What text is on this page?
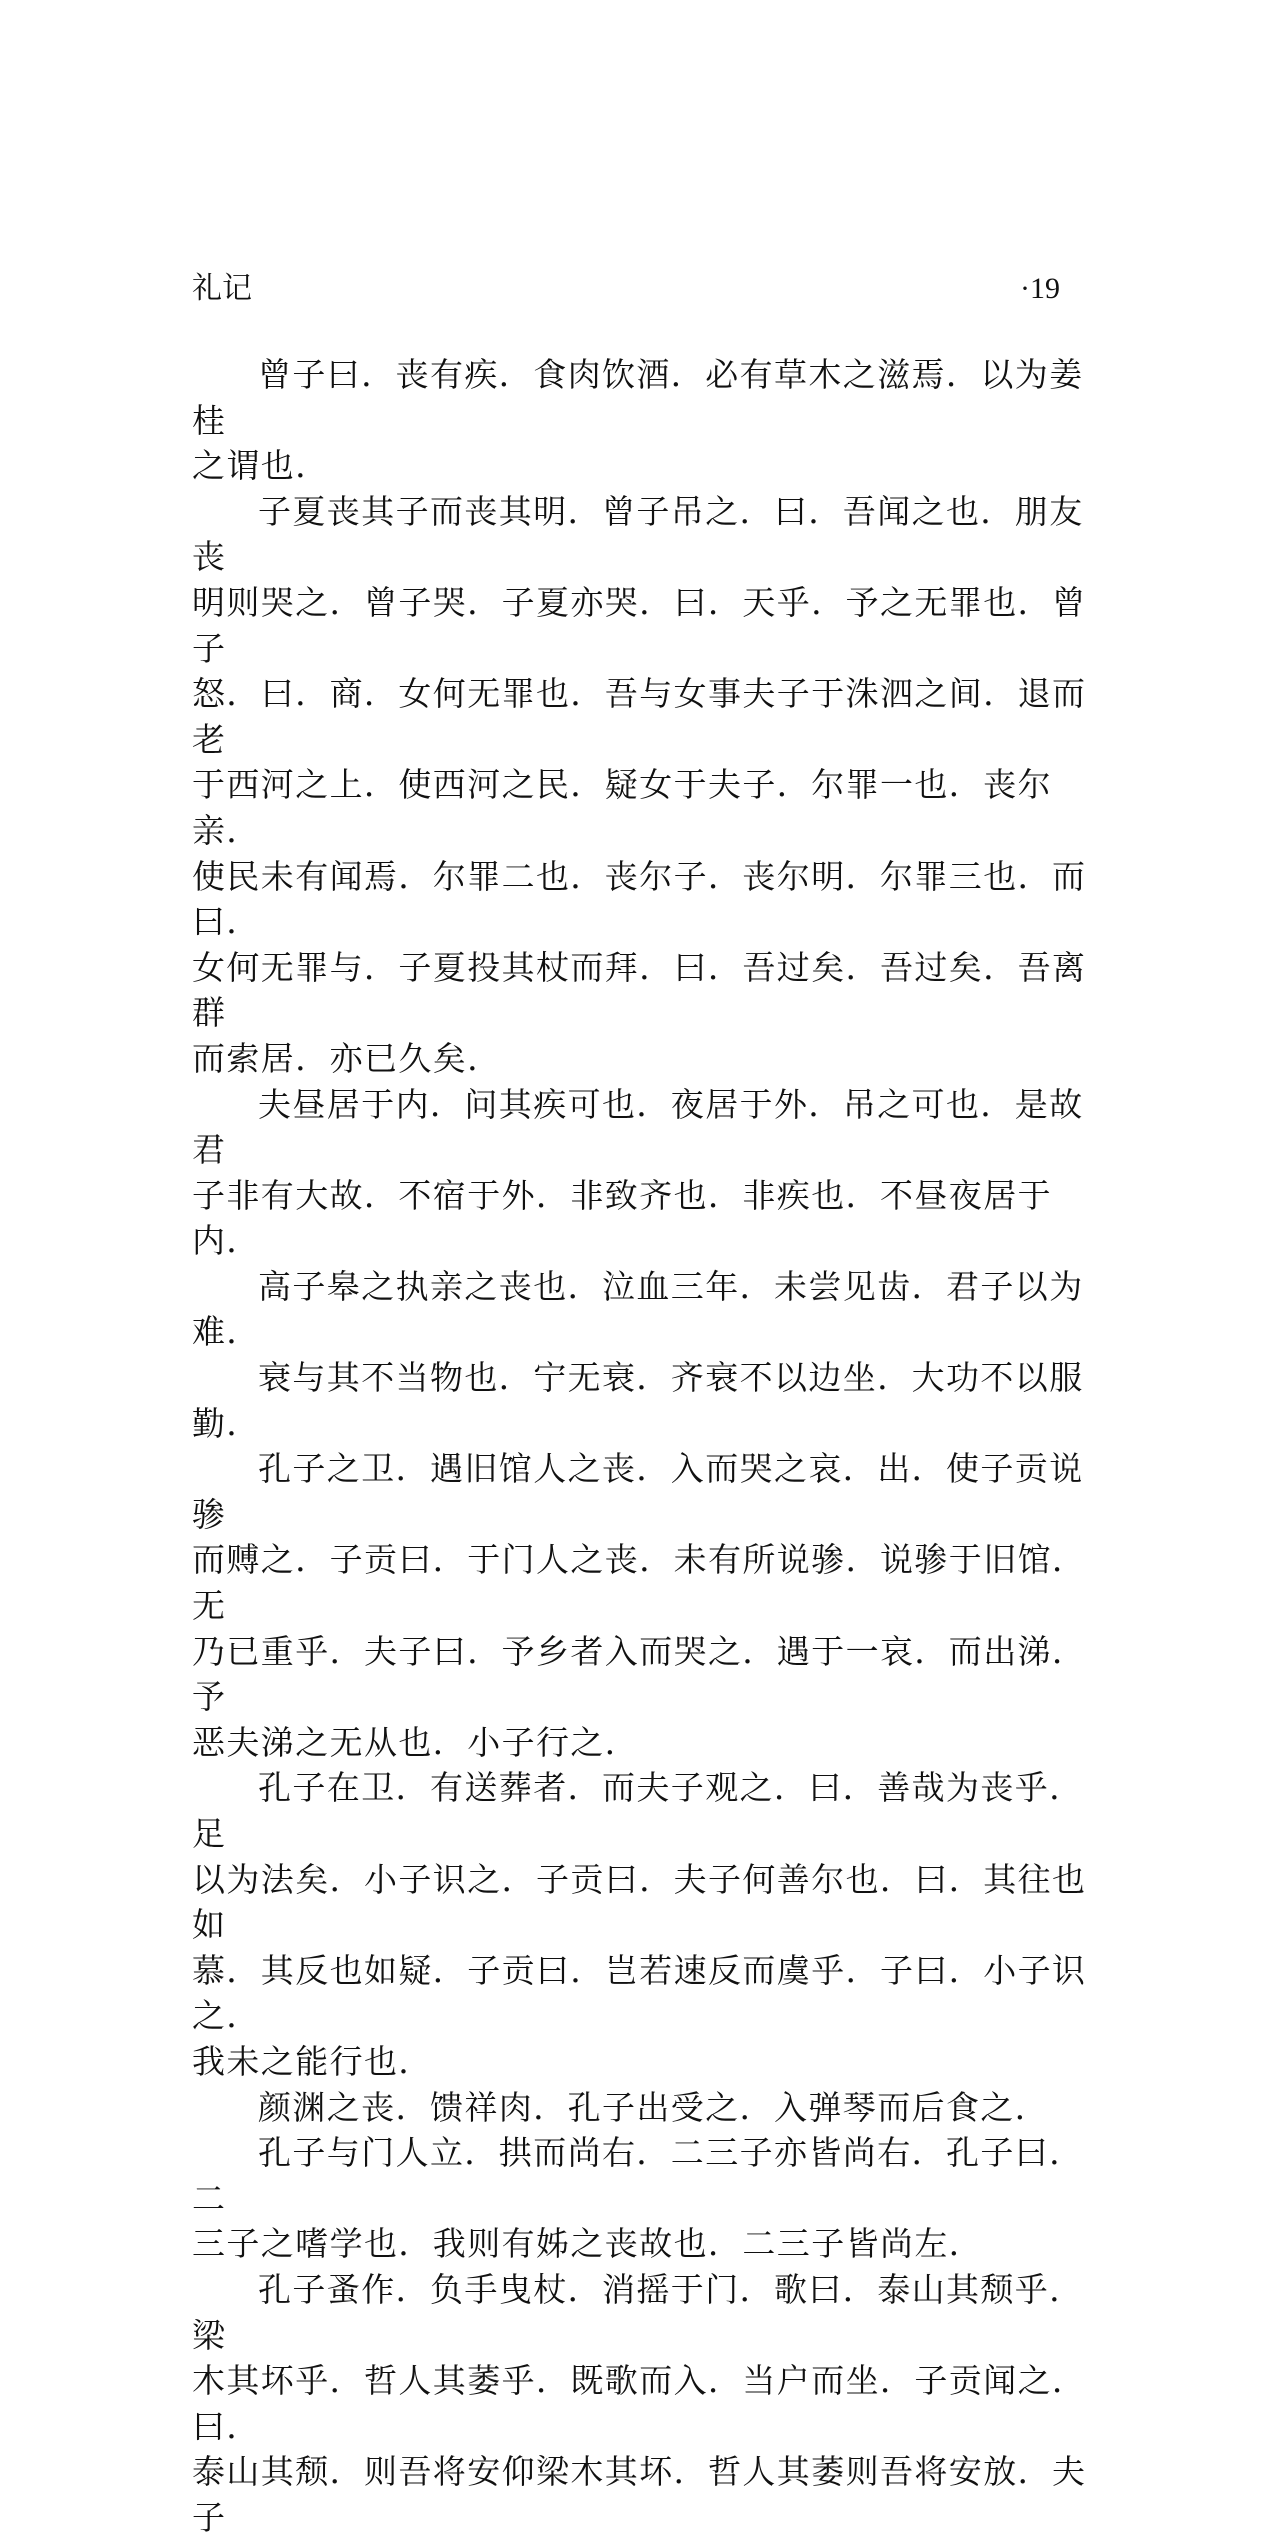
礼记	·19

曾子曰．丧有疾．食肉饮酒．必有草木之滋焉．以为姜桂
之谓也．

子夏丧其子而丧其明．曾子吊之．曰．吾闻之也．朋友丧
明则哭之．曾子哭．子夏亦哭．曰．天乎．予之无罪也．曾子
怒．曰．商．女何无罪也．吾与女事夫子于洙泗之间．退而老
于西河之上．使西河之民．疑女于夫子．尔罪一也．丧尔亲．
使民未有闻焉．尔罪二也．丧尔子．丧尔明．尔罪三也．而曰．
女何无罪与．子夏投其杖而拜．曰．吾过矣．吾过矣．吾离群
而索居．亦已久矣．

夫昼居于内．问其疾可也．夜居于外．吊之可也．是故君
子非有大故．不宿于外．非致齐也．非疾也．不昼夜居于内．

高子皋之执亲之丧也．泣血三年．未尝见齿．君子以为难．

衰与其不当物也．宁无衰．齐衰不以边坐．大功不以服勤．

孔子之卫．遇旧馆人之丧．入而哭之哀．出．使子贡说骖
而赙之．子贡曰．于门人之丧．未有所说骖．说骖于旧馆．无
乃已重乎．夫子曰．予乡者入而哭之．遇于一哀．而出涕．予
恶夫涕之无从也．小子行之．

孔子在卫．有送葬者．而夫子观之．曰．善哉为丧乎．足
以为法矣．小子识之．子贡曰．夫子何善尔也．曰．其往也如
慕．其反也如疑．子贡曰．岂若速反而虞乎．子曰．小子识之．
我未之能行也．

颜渊之丧．馈祥肉．孔子出受之．入弹琴而后食之．

孔子与门人立．拱而尚右．二三子亦皆尚右．孔子曰．二
三子之嗜学也．我则有姊之丧故也．二三子皆尚左．

孔子蚤作．负手曳杖．消摇于门．歌曰．泰山其颓乎．梁
木其坏乎．哲人其萎乎．既歌而入．当户而坐．子贡闻之．曰．
泰山其颓．则吾将安仰梁木其坏．哲人其萎则吾将安放．夫子
